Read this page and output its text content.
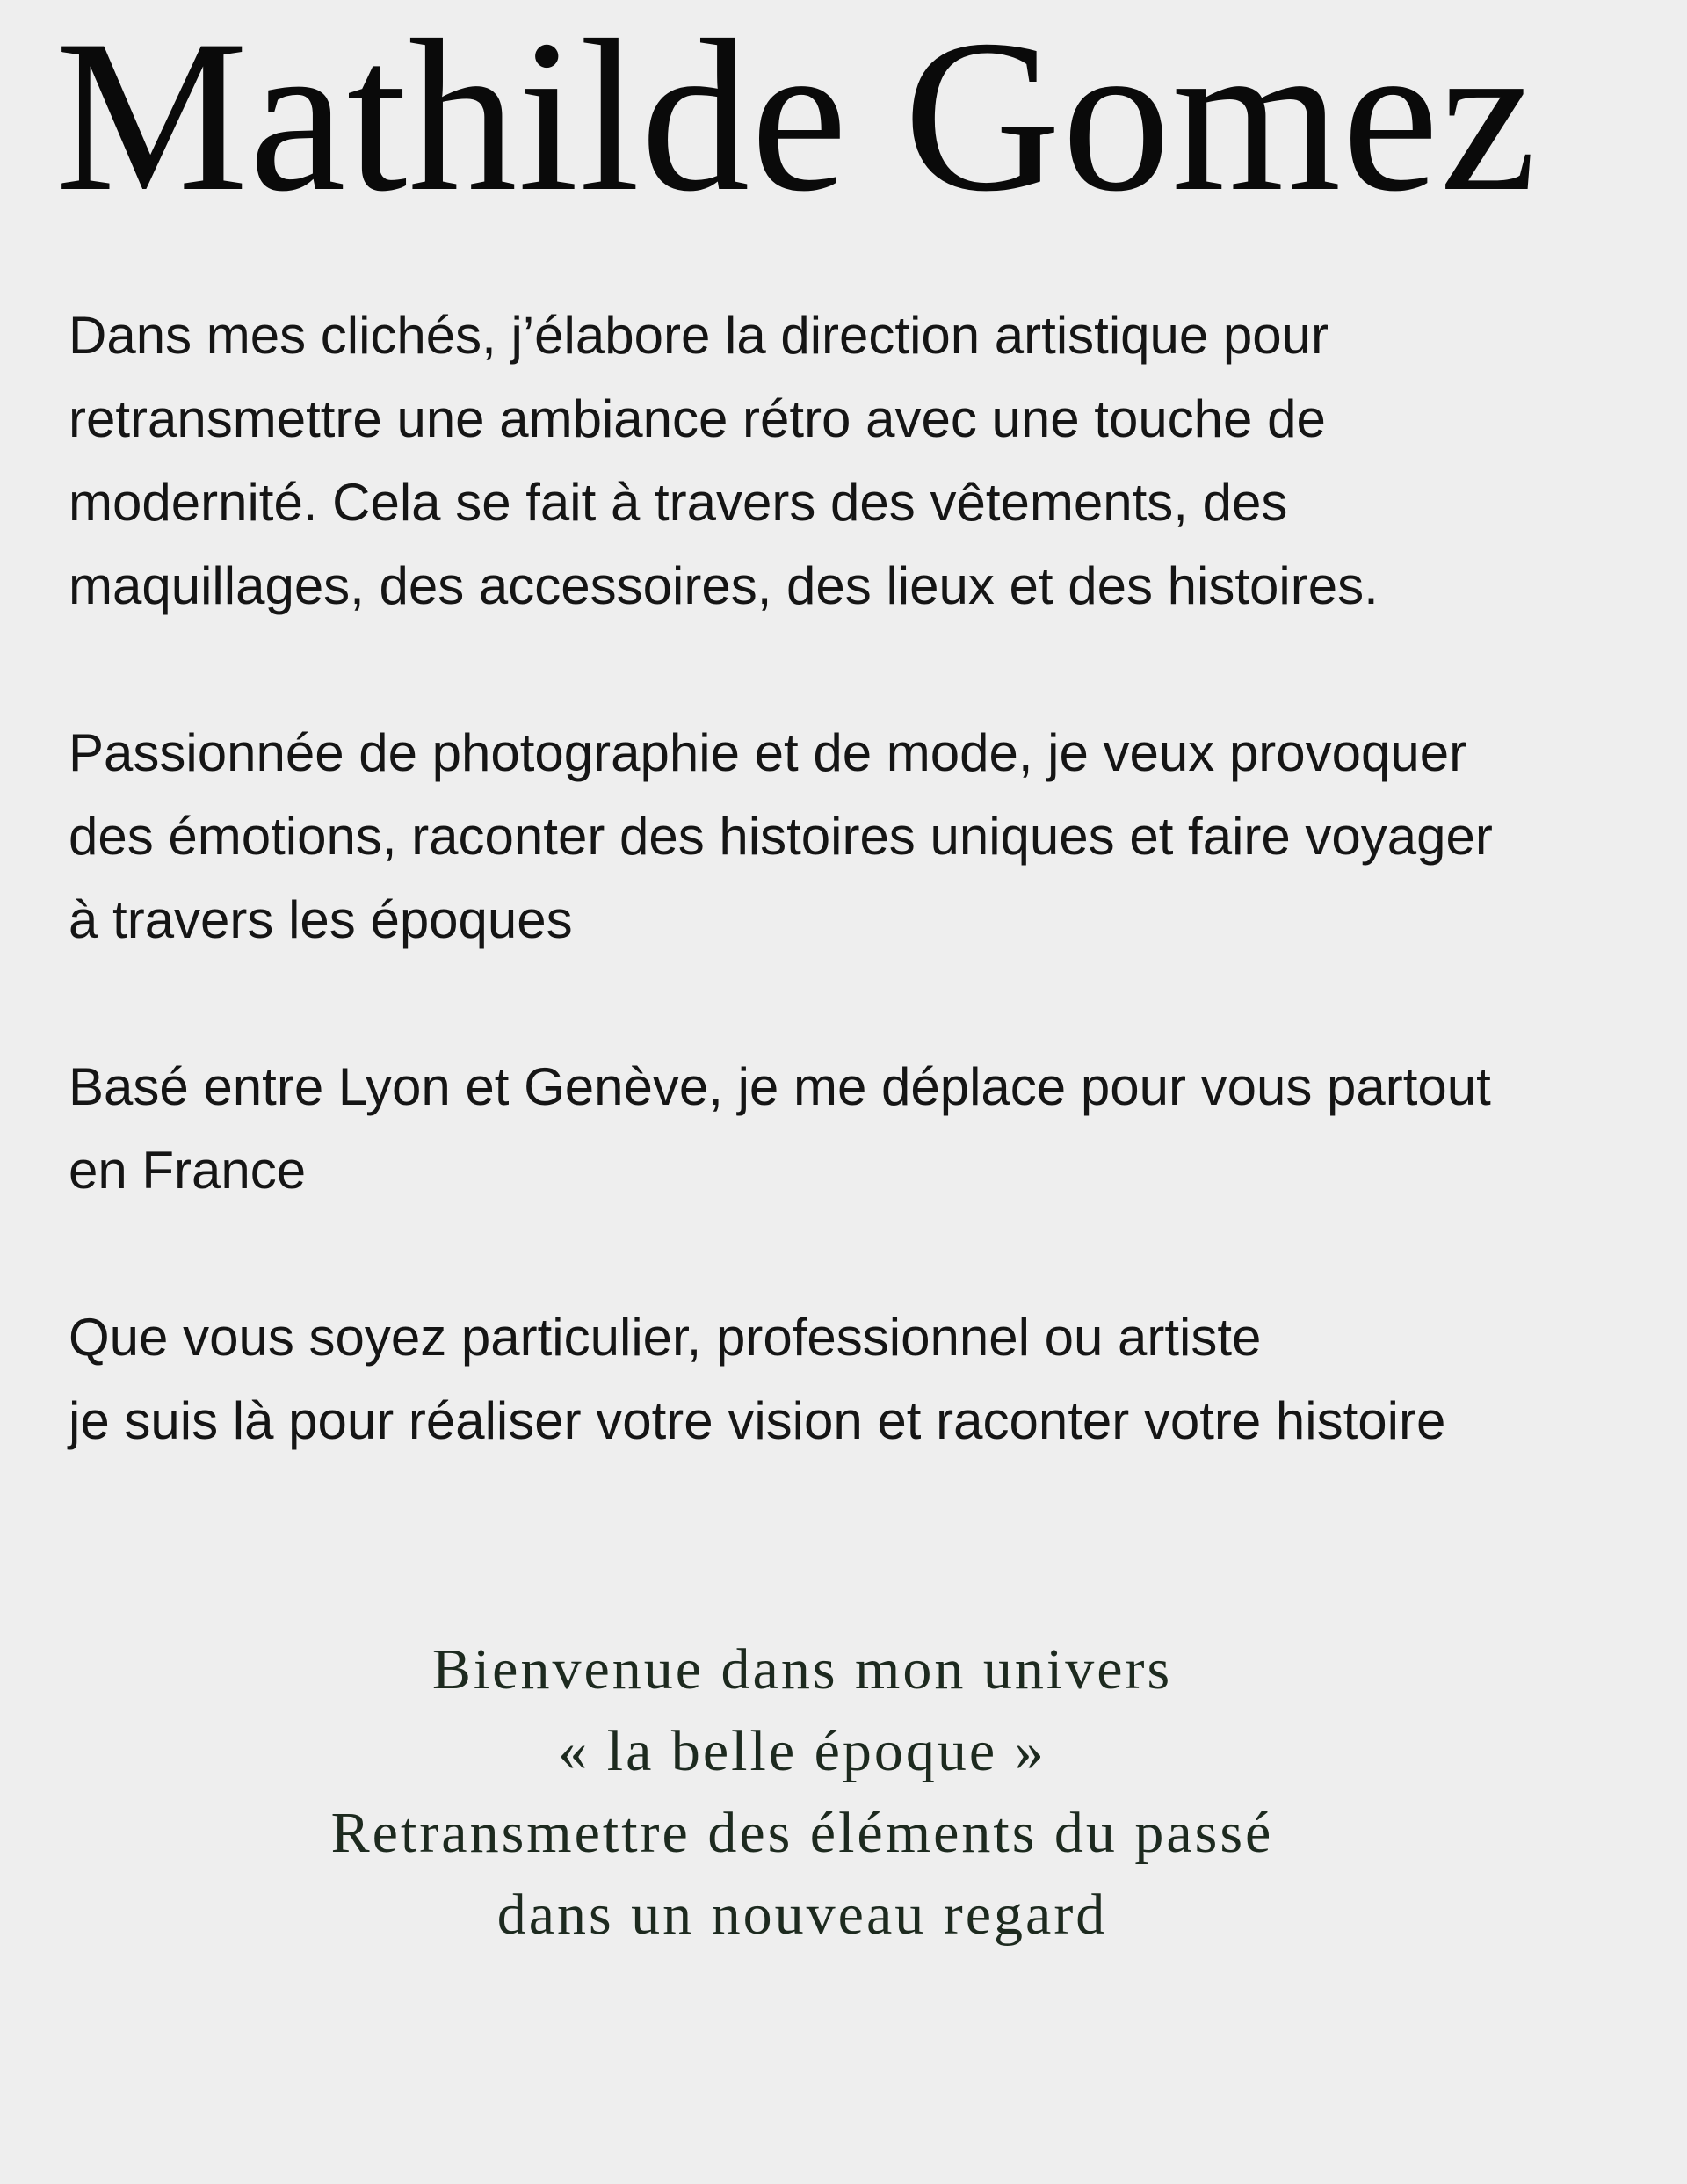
Mathilde Gomez

Dans mes clichés, j’élabore la direction artistique pour
retransmettre une ambiance rétro avec une touche de
modernité. Cela se fait à travers des vêtements, des
maquillages, des accessoires, des lieux et des histoires.

Passionnée de photographie et de mode, je veux provoquer
des émotions, raconter des histoires uniques et faire voyager
à travers les époques

Basé entre Lyon et Genève, je me déplace pour vous partout
en France

Que vous soyez particulier, professionnel ou artiste
je suis là pour réaliser votre vision et raconter votre histoire

Bienvenue dans mon univers
« la belle époque »
Retransmettre des éléments du passé
dans un nouveau regard
